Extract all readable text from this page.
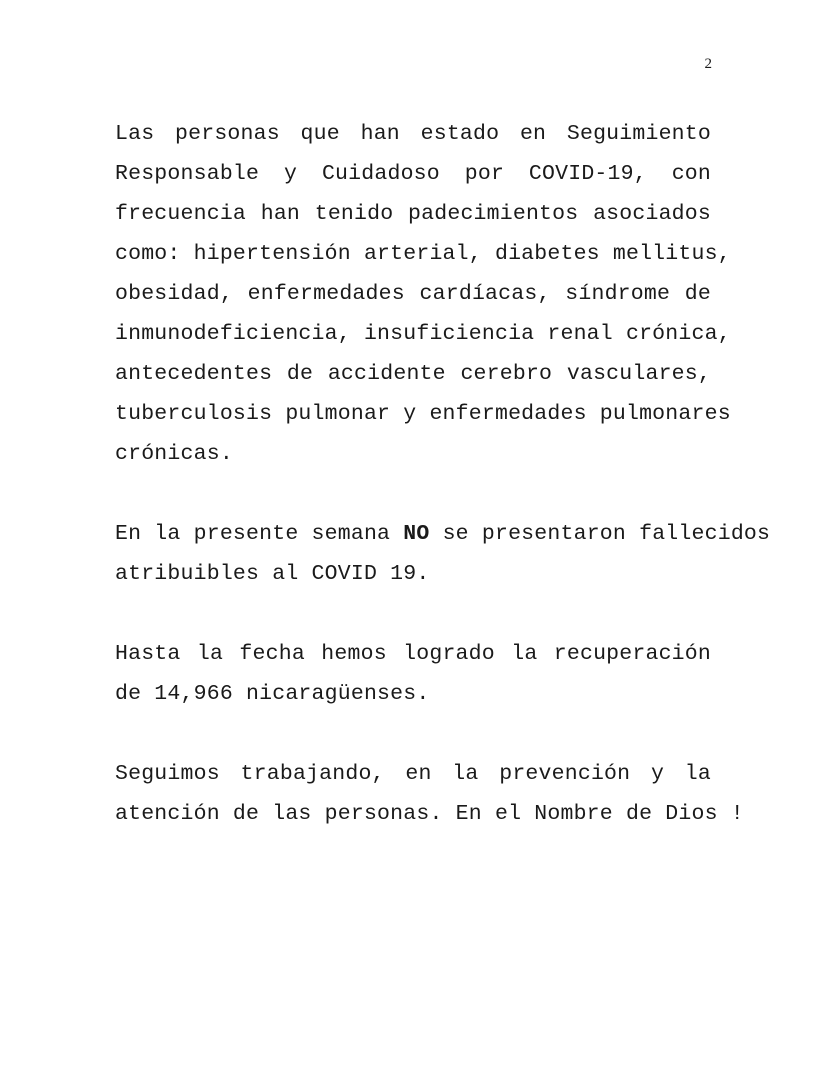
2
Las personas que han estado en Seguimiento
Responsable y Cuidadoso por COVID-19, con
frecuencia han tenido padecimientos asociados
como: hipertensión arterial, diabetes mellitus,
obesidad, enfermedades cardíacas, síndrome de
inmunodeficiencia, insuficiencia renal crónica,
antecedentes de accidente cerebro vasculares,
tuberculosis pulmonar y enfermedades pulmonares
crónicas.
En la presente semana NO se presentaron fallecidos
atribuibles al COVID 19.
Hasta la fecha hemos logrado la recuperación
de 14,966 nicaragüenses.
Seguimos trabajando, en la prevención y la
atención de las personas. En el Nombre de Dios !
